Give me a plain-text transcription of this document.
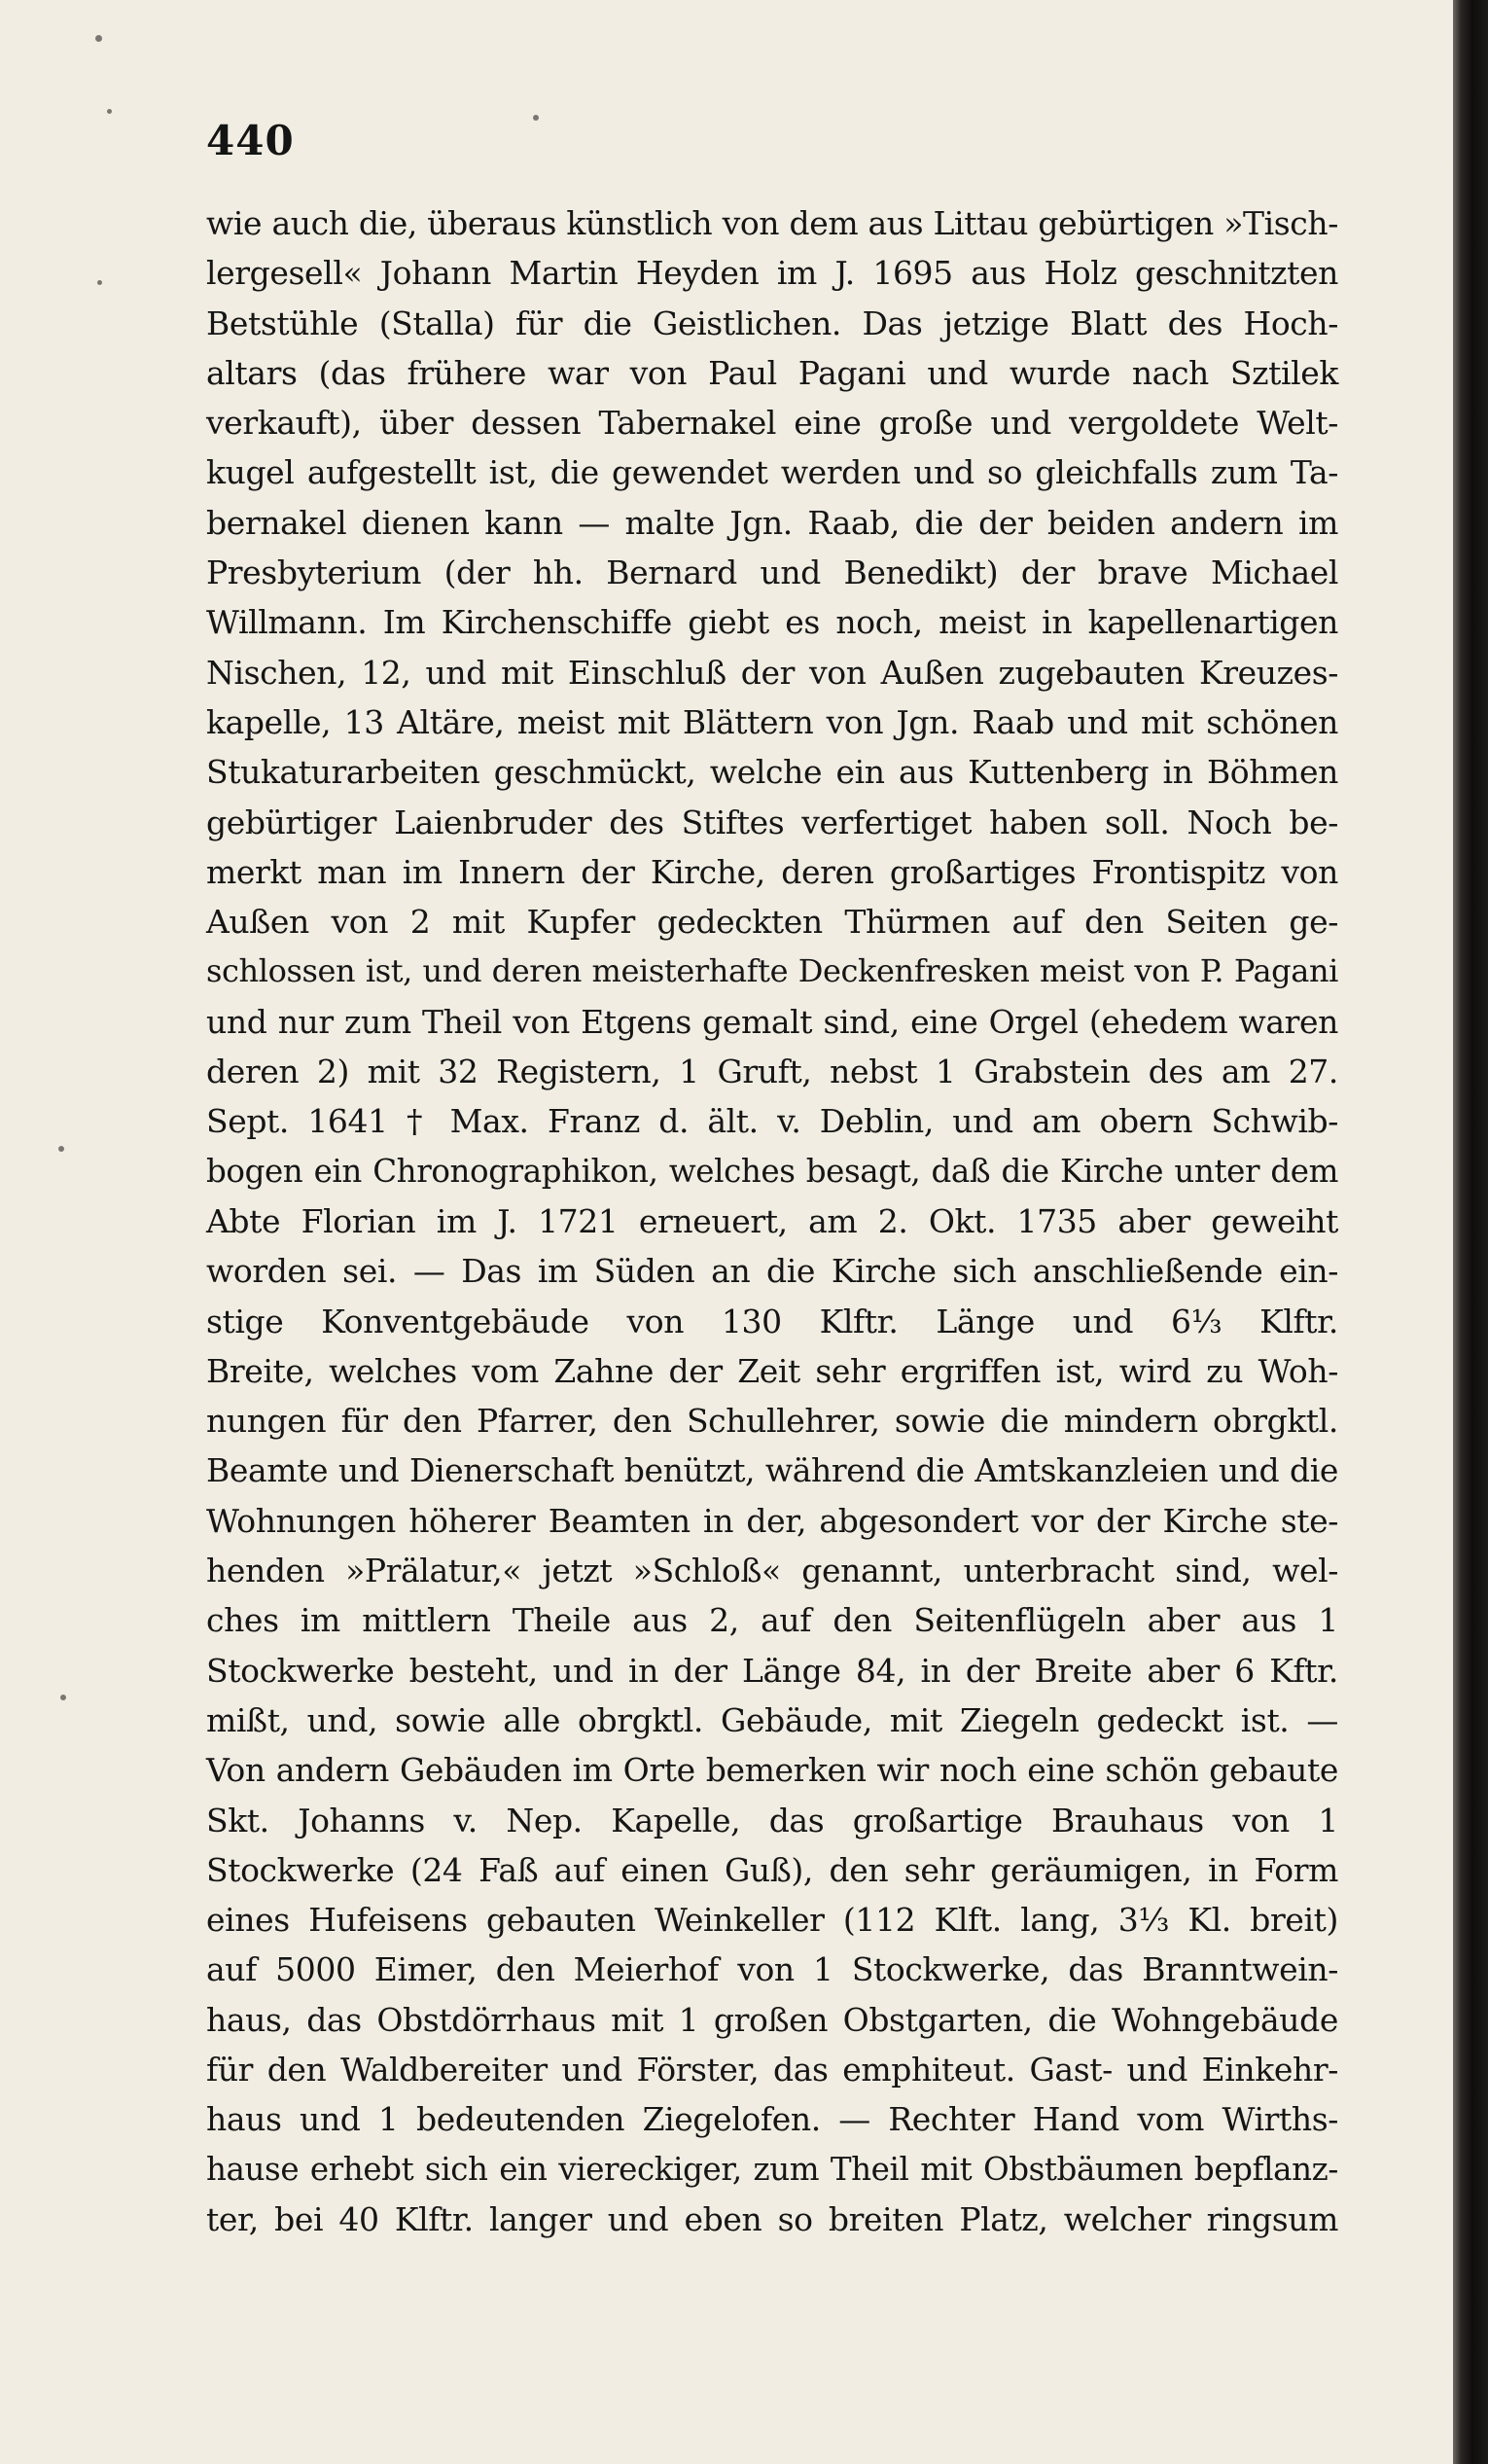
440
wie auch die, überaus künstlich von dem aus Littau gebürtigen »Tisch-
lergesell« Johann Martin Heyden im J. 1695 aus Holz geschnitzten
Betstühle (Stalla) für die Geistlichen. Das jetzige Blatt des Hoch-
altars (das frühere war von Paul Pagani und wurde nach Sztilek
verkauft), über dessen Tabernakel eine große und vergoldete Welt-
kugel aufgestellt ist, die gewendet werden und so gleichfalls zum Ta-
bernakel dienen kann — malte Jgn. Raab, die der beiden andern im
Presbyterium (der hh. Bernard und Benedikt) der brave Michael
Willmann. Im Kirchenschiffe giebt es noch, meist in kapellenartigen
Nischen, 12, und mit Einschluß der von Außen zugebauten Kreuzes-
kapelle, 13 Altäre, meist mit Blättern von Jgn. Raab und mit schönen
Stukaturarbeiten geschmückt, welche ein aus Kuttenberg in Böhmen
gebürtiger Laienbruder des Stiftes verfertiget haben soll. Noch be-
merkt man im Innern der Kirche, deren großartiges Frontispitz von
Außen von 2 mit Kupfer gedeckten Thürmen auf den Seiten ge-
schlossen ist, und deren meisterhafte Deckenfresken meist von P. Pagani
und nur zum Theil von Etgens gemalt sind, eine Orgel (ehedem waren
deren 2) mit 32 Registern, 1 Gruft, nebst 1 Grabstein des am 27.
Sept. 1641 † Max. Franz d. ält. v. Deblin, und am obern Schwib-
bogen ein Chronographikon, welches besagt, daß die Kirche unter dem
Abte Florian im J. 1721 erneuert, am 2. Okt. 1735 aber geweiht
worden sei. — Das im Süden an die Kirche sich anschließende ein-
stige Konventgebäude von 130 Klftr. Länge und 6⅓ Klftr.
Breite, welches vom Zahne der Zeit sehr ergriffen ist, wird zu Woh-
nungen für den Pfarrer, den Schullehrer, sowie die mindern obrgktl.
Beamte und Dienerschaft benützt, während die Amtskanzleien und die
Wohnungen höherer Beamten in der, abgesondert vor der Kirche ste-
henden »Prälatur,« jetzt »Schloß« genannt, unterbracht sind, wel-
ches im mittlern Theile aus 2, auf den Seitenflügeln aber aus 1
Stockwerke besteht, und in der Länge 84, in der Breite aber 6 Kftr.
mißt, und, sowie alle obrgktl. Gebäude, mit Ziegeln gedeckt ist. —
Von andern Gebäuden im Orte bemerken wir noch eine schön gebaute
Skt. Johanns v. Nep. Kapelle, das großartige Brauhaus von 1
Stockwerke (24 Faß auf einen Guß), den sehr geräumigen, in Form
eines Hufeisens gebauten Weinkeller (112 Klft. lang, 3⅓ Kl. breit)
auf 5000 Eimer, den Meierhof von 1 Stockwerke, das Branntwein-
haus, das Obstdörrhaus mit 1 großen Obstgarten, die Wohngebäude
für den Waldbereiter und Förster, das emphiteut. Gast- und Einkehr-
haus und 1 bedeutenden Ziegelofen. — Rechter Hand vom Wirths-
hause erhebt sich ein viereckiger, zum Theil mit Obstbäumen bepflanz-
ter, bei 40 Klftr. langer und eben so breiten Platz, welcher ringsum
